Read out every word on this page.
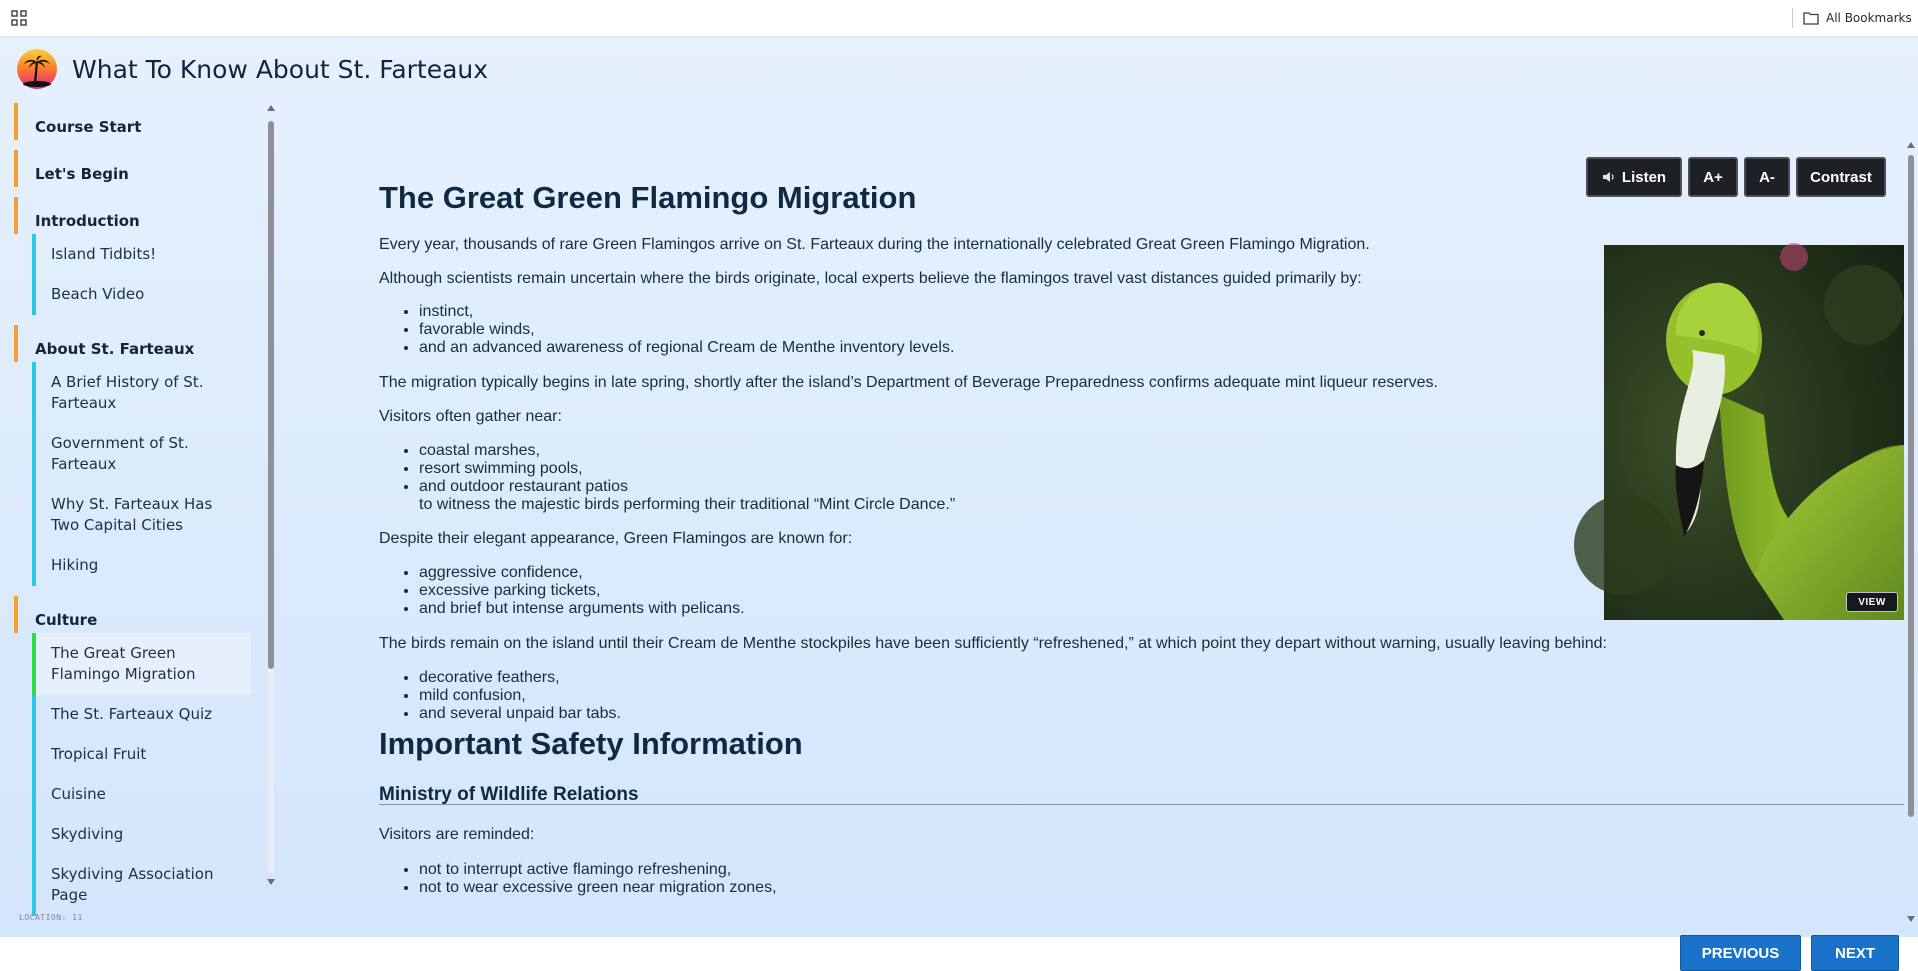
All Bookmarks
What To Know About St. Farteaux
Course Start
Let's Begin
Introduction
Island Tidbits!
Beach Video
About St. Farteaux
A Brief History of St. Farteaux
Government of St. Farteaux
Why St. Farteaux Has Two Capital Cities
Hiking
Culture
The Great Green Flamingo Migration
The St. Farteaux Quiz
Tropical Fruit
Cuisine
Skydiving
Skydiving Association Page
LOCATION: 11
The Great Green Flamingo Migration

Every year, thousands of rare Green Flamingos arrive on St. Farteaux during the internationally celebrated Great Green Flamingo Migration.

Although scientists remain uncertain where the birds originate, local experts believe the flamingos travel vast distances guided primarily by:

• instinct,
• favorable winds,
• and an advanced awareness of regional Cream de Menthe inventory levels.

The migration typically begins in late spring, shortly after the island’s Department of Beverage Preparedness confirms adequate mint liqueur reserves.

Visitors often gather near:

• coastal marshes,
• resort swimming pools,
• and outdoor restaurant patios
to witness the majestic birds performing their traditional “Mint Circle Dance.”

Despite their elegant appearance, Green Flamingos are known for:

• aggressive confidence,
• excessive parking tickets,
• and brief but intense arguments with pelicans.

The birds remain on the island until their Cream de Menthe stockpiles have been sufficiently “refreshened,” at which point they depart without warning, usually leaving behind:

• decorative feathers,
• mild confusion,
• and several unpaid bar tabs.
Important Safety Information
Ministry of Wildlife Relations

Visitors are reminded:

• not to interrupt active flamingo refreshening,
• not to wear excessive green near migration zones,
Listen	A+	A-	Contrast
VIEW
PREVIOUS	NEXT
